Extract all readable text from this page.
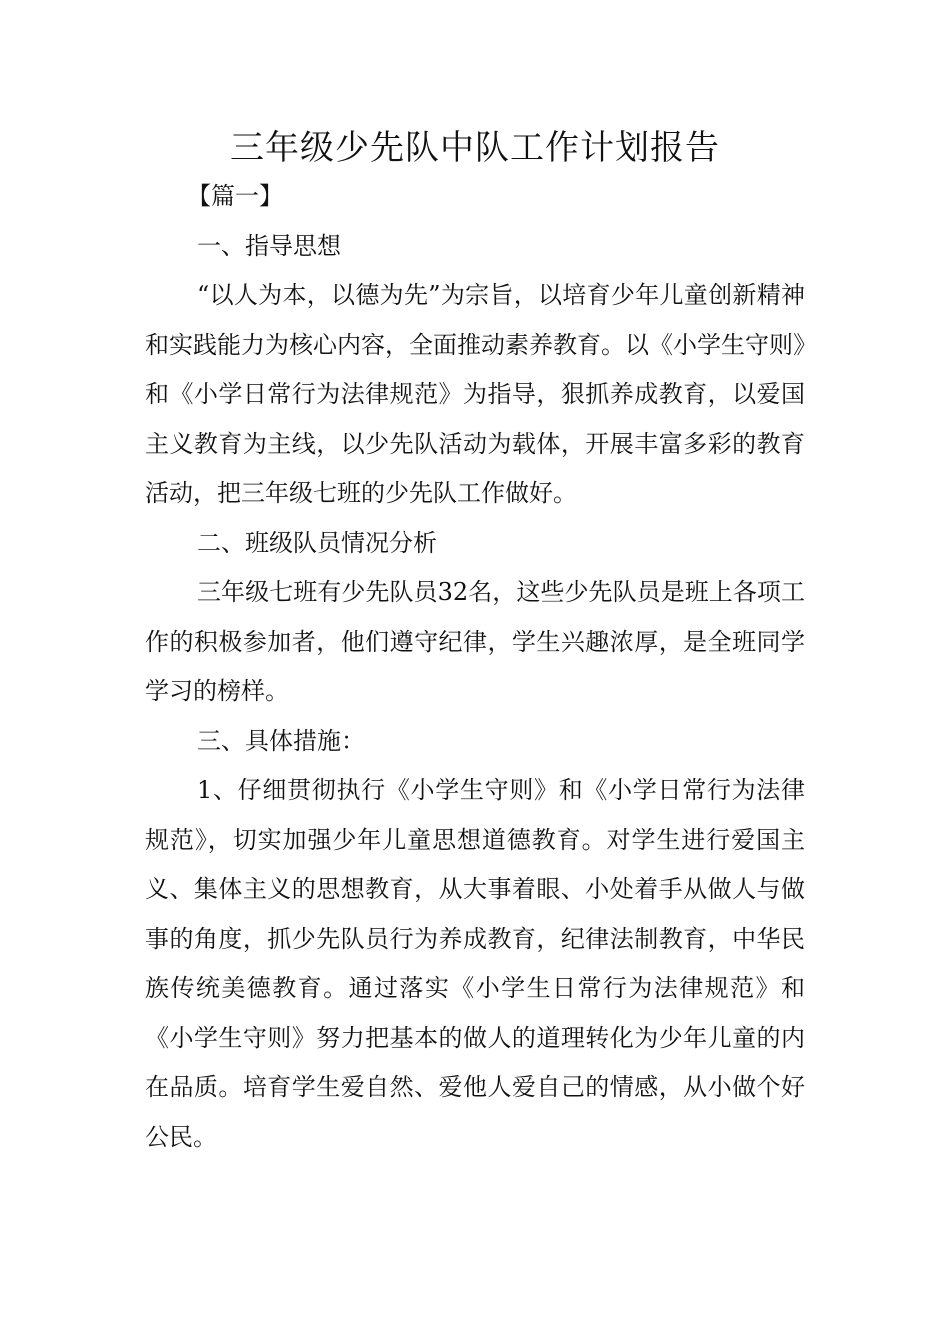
三年级少先队中队工作计划报告

【篇一】

一、指导思想

“以人为本，以德为先”为宗旨，以培育少年儿童创新精神和实践能力为核心内容，全面推动素养教育。以《小学生守则》和《小学日常行为法律规范》为指导，狠抓养成教育，以爱国主义教育为主线，以少先队活动为载体，开展丰富多彩的教育活动，把三年级七班的少先队工作做好。

二、班级队员情况分析

三年级七班有少先队员32名，这些少先队员是班上各项工作的积极参加者，他们遵守纪律，学生兴趣浓厚，是全班同学学习的榜样。

三、具体措施：

1、仔细贯彻执行《小学生守则》和《小学日常行为法律规范》，切实加强少年儿童思想道德教育。对学生进行爱国主义、集体主义的思想教育，从大事着眼、小处着手从做人与做事的角度，抓少先队员行为养成教育，纪律法制教育，中华民族传统美德教育。通过落实《小学生日常行为法律规范》和《小学生守则》努力把基本的做人的道理转化为少年儿童的内在品质。培育学生爱自然、爱他人爱自己的情感，从小做个好公民。
